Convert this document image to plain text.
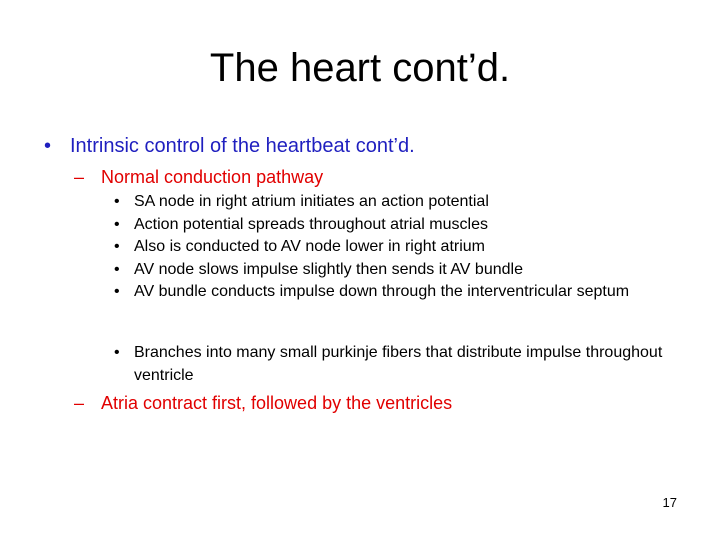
The heart cont’d.
• Intrinsic control of the heartbeat cont’d.
– Normal conduction pathway
• SA node in right atrium initiates an action potential
• Action potential spreads throughout atrial muscles
• Also is conducted to AV node lower in right atrium
• AV node slows impulse slightly then sends it AV bundle
• AV bundle conducts impulse down through the interventricular septum
• Branches into many small purkinje fibers that distribute impulse throughout ventricle
– Atria contract first, followed by the ventricles
17
